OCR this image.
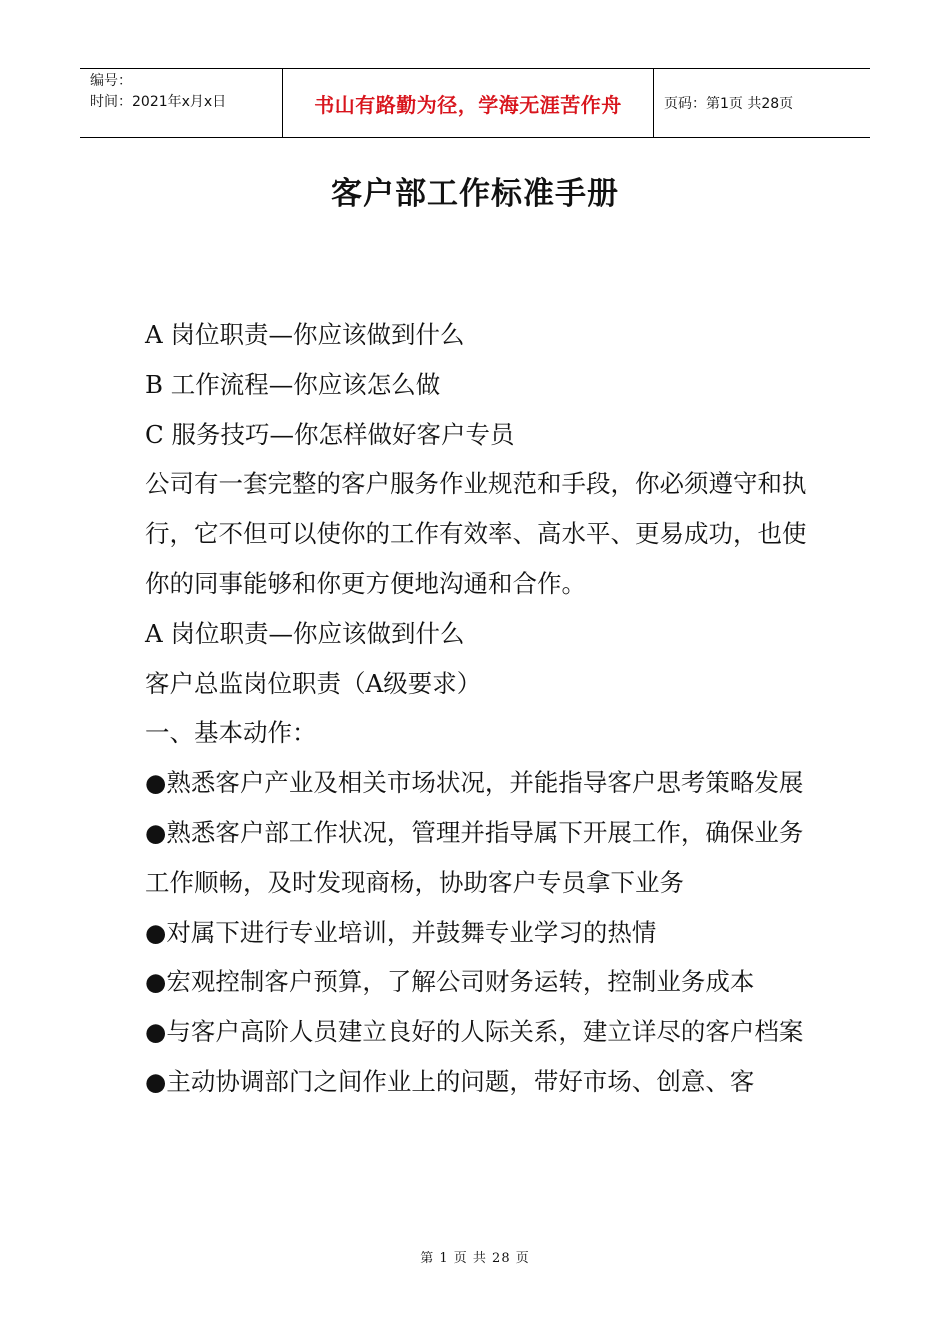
编号：
时间：2021年x月x日	书山有路勤为径，学海无涯苦作舟	页码：第1页 共28页
客户部工作标准手册

A 岗位职责—你应该做到什么

B 工作流程—你应该怎么做

C 服务技巧—你怎样做好客户专员

公司有一套完整的客户服务作业规范和手段，你必须遵守和执行，它不但可以使你的工作有效率、高水平、更易成功，也使你的同事能够和你更方便地沟通和合作。

A 岗位职责—你应该做到什么

客户总监岗位职责（A级要求）

一、基本动作：

●熟悉客户产业及相关市场状况，并能指导客户思考策略发展

●熟悉客户部工作状况，管理并指导属下开展工作，确保业务工作顺畅，及时发现商杨，协助客户专员拿下业务

●对属下进行专业培训，并鼓舞专业学习的热情

●宏观控制客户预算，了解公司财务运转，控制业务成本

●与客户高阶人员建立良好的人际关系，建立详尽的客户档案

●主动协调部门之间作业上的问题，带好市场、创意、客

第 1 页 共 28 页
